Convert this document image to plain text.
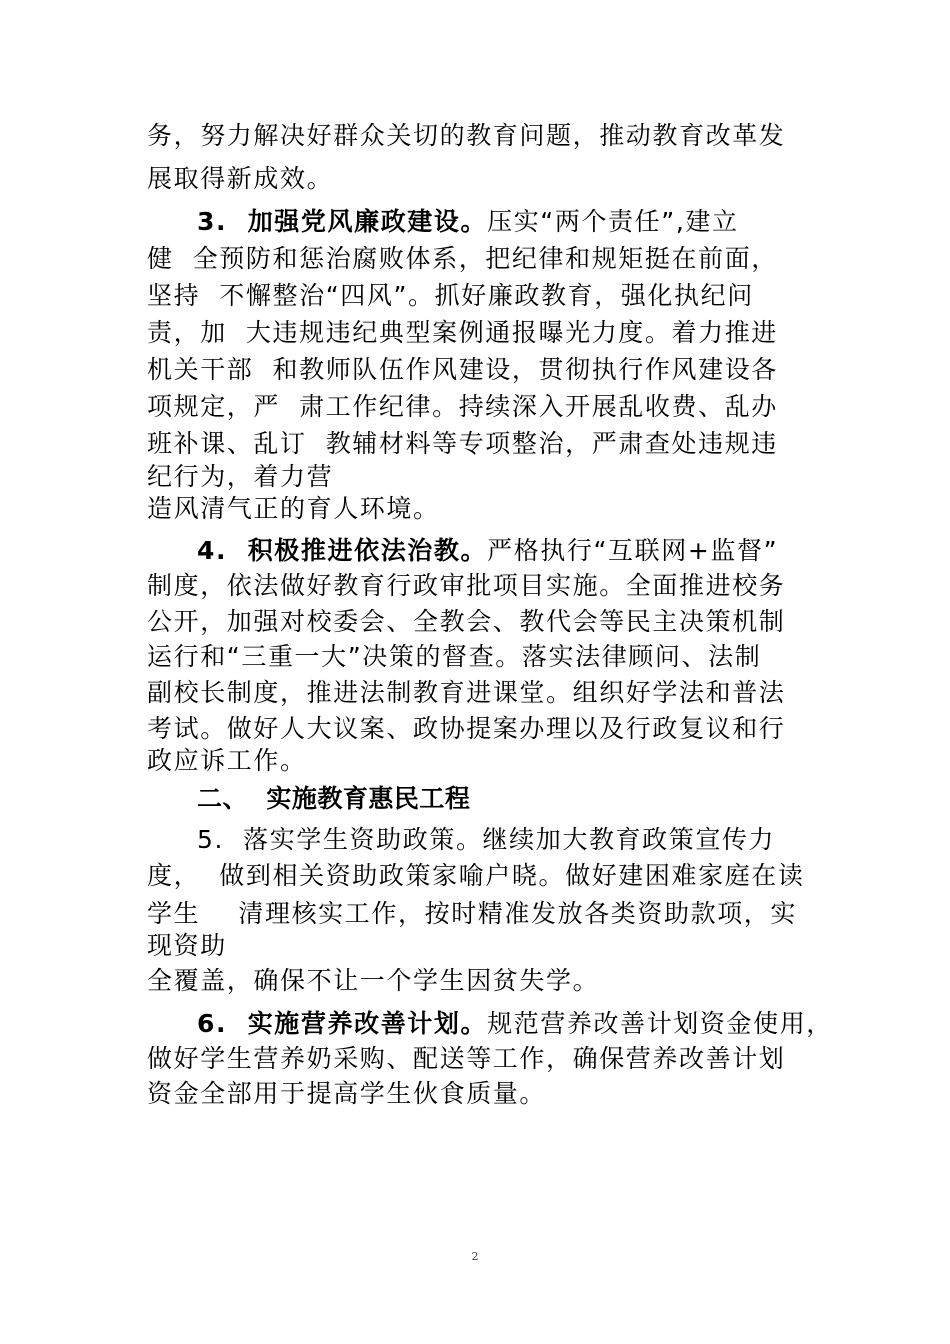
务，努力解决好群众关切的教育问题，推动教育改革发
展取得新成效。
3.  加强党风廉政建设。压实“两个责任”,建立
健  全预防和惩治腐败体系，把纪律和规矩挺在前面，
坚持  不懈整治“四风”。抓好廉政教育，强化执纪问
责，加  大违规违纪典型案例通报曝光力度。着力推进
机关干部  和教师队伍作风建设，贯彻执行作风建设各
项规定，严  肃工作纪律。持续深入开展乱收费、乱办
班补课、乱订  教辅材料等专项整治，严肃查处违规违
纪行为，着力营
造风清气正的育人环境。
4.  积极推进依法治教。严格执行“互联网+监督”
制度，依法做好教育行政审批项目实施。全面推进校务
公开，加强对校委会、全教会、教代会等民主决策机制
运行和“三重一大”决策的督查。落实法律顾问、法制
副校长制度，推进法制教育进课堂。组织好学法和普法
考试。做好人大议案、政协提案办理以及行政复议和行
政应诉工作。
二、  实施教育惠民工程
5.  落实学生资助政策。继续加大教育政策宣传力
度，  做到相关资助政策家喻户晓。做好建困难家庭在读
学生    清理核实工作，按时精准发放各类资助款项，实
现资助
全覆盖，确保不让一个学生因贫失学。
6.  实施营养改善计划。规范营养改善计划资金使用，
做好学生营养奶采购、配送等工作，确保营养改善计划
资金全部用于提高学生伙食质量。
2
